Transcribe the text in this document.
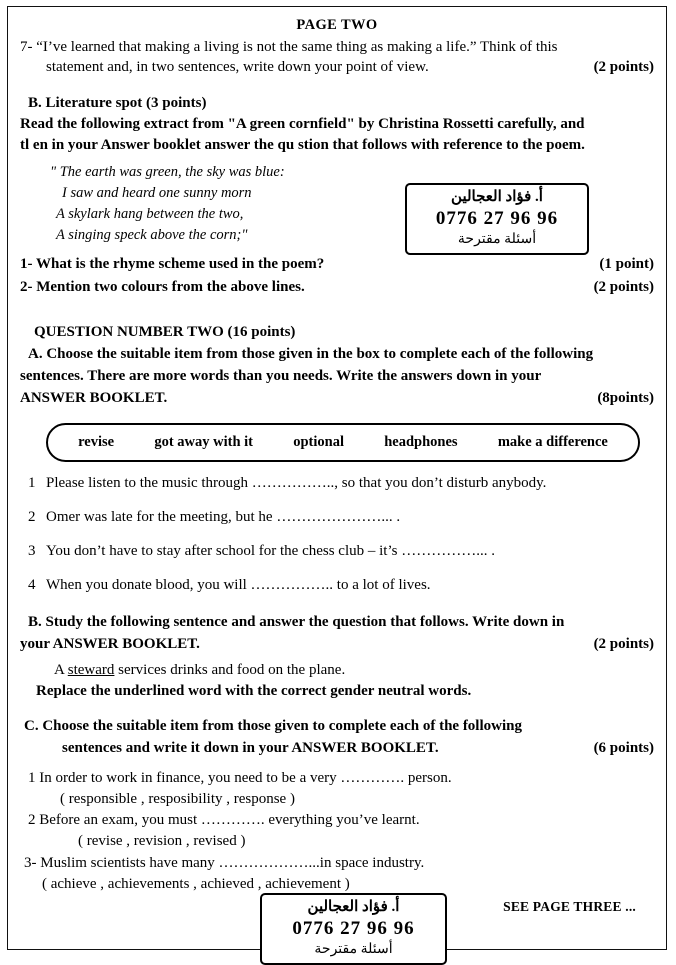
PAGE TWO
7- “I’ve learned that making a living is not the same thing as making a life.” Think of this
(2 points)
statement and, in two sentences, write down your point of view.
B. Literature spot (3 points)
Read the following extract from "A green cornfield" by Christina Rossetti carefully, and
tl en in your Answer booklet answer the qu stion that follows with reference to the poem.
" The earth was green, the sky was blue:
I saw and heard one sunny morn
A skylark hang between the two,
A singing speck above the corn;"
أ. فؤاد العجالين
0776 27 96 96
أسئلة مقترحة
(1 point)
1- What is the rhyme scheme used in the poem?
(2 points)
2- Mention two colours from the above lines.
QUESTION NUMBER TWO (16 points)
A. Choose the suitable item from those given in the box to complete each of the following
sentences. There are more words than you needs. Write the answers down in your
(8points)
ANSWER BOOKLET.
revise	got away with it	optional	headphones	make a difference
1 Please listen to the music through …………….., so that you don’t disturb anybody.
2 Omer was late for the meeting, but he …………………... .
3 You don’t have to stay after school for the chess club – it’s ……………... .
4 When you donate blood, you will …………….. to a lot of lives.
B. Study the following sentence and answer the question that follows. Write down in
(2 points)
your ANSWER BOOKLET.
A steward services drinks and food on the plane.
Replace the underlined word with the correct gender neutral words.
C. Choose the suitable item from those given to complete each of the following
(6 points)
sentences and write it down in your ANSWER BOOKLET.
1 In order to work in finance, you need to be a very …………. person.
( responsible , resposibility , response )
2 Before an exam, you must …………. everything you’ve learnt.
( revise , revision , revised )
3- Muslim scientists have many ………………...in space industry.
( achieve , achievements , achieved , achievement )
أ. فؤاد العجالين
0776 27 96 96
أسئلة مقترحة
SEE PAGE THREE ...
